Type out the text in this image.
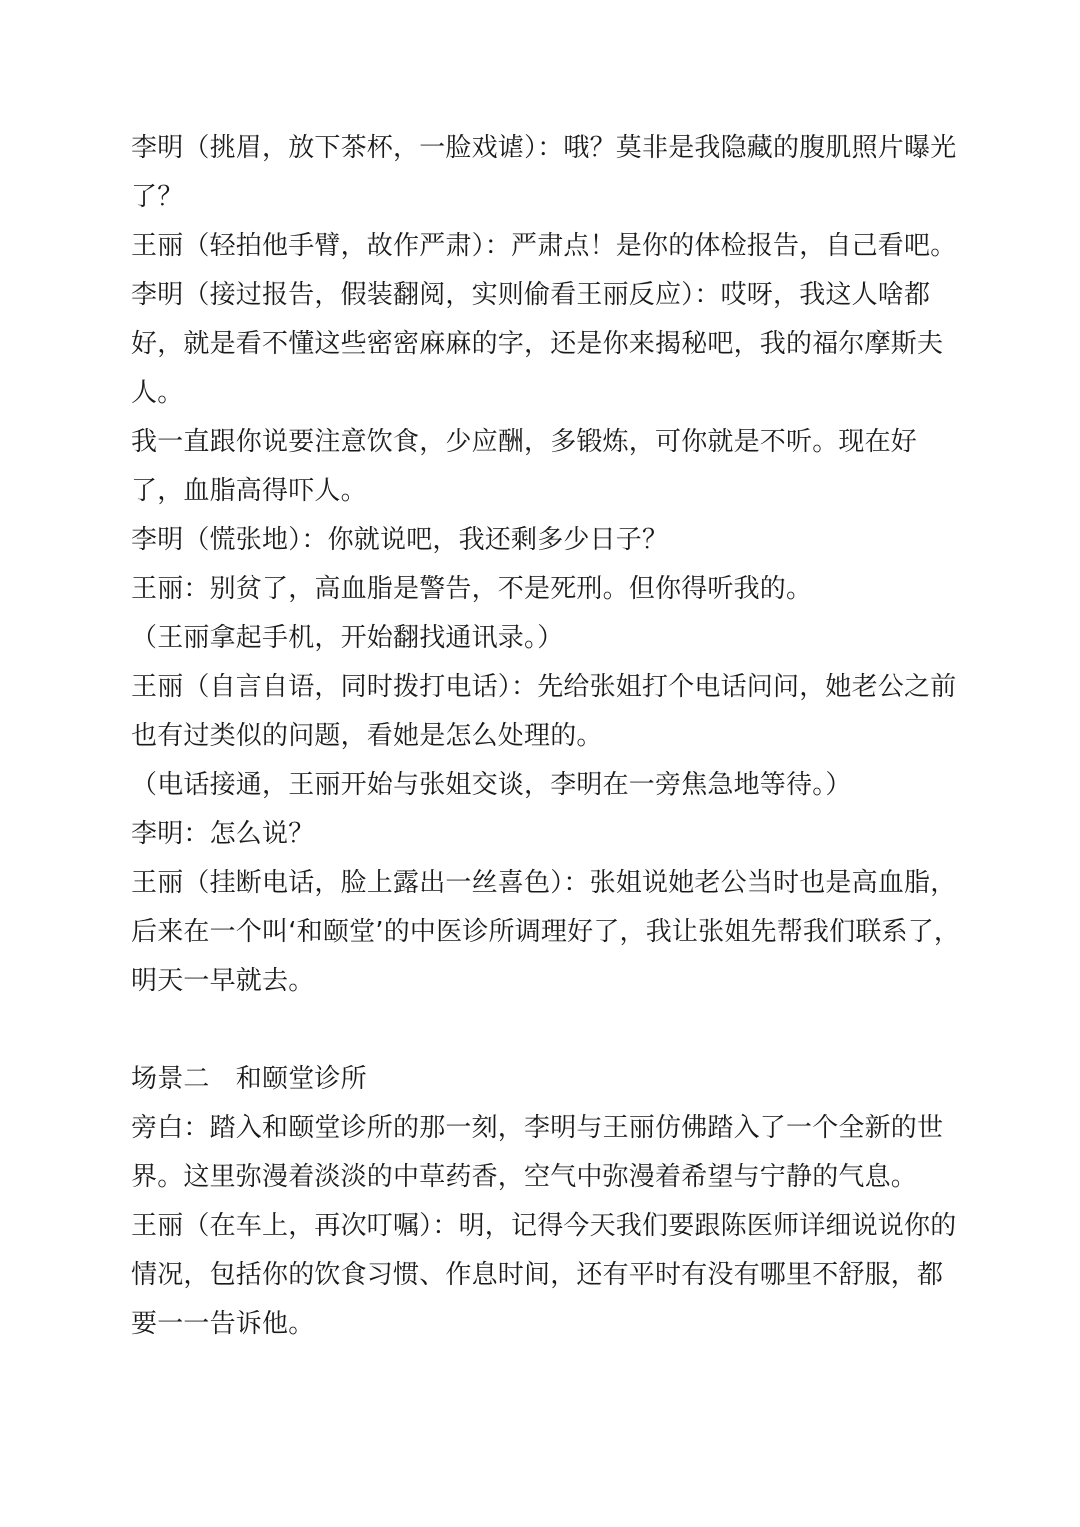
李明（挑眉，放下茶杯，一脸戏谑）：哦？莫非是我隐藏的腹肌照片曝光了？

王丽（轻拍他手臂，故作严肃）：严肃点！是你的体检报告，自己看吧。

李明（接过报告，假装翻阅，实则偷看王丽反应）：哎呀，我这人啥都好，就是看不懂这些密密麻麻的字，还是你来揭秘吧，我的福尔摩斯夫人。

我一直跟你说要注意饮食，少应酬，多锻炼，可你就是不听。现在好了，血脂高得吓人。

李明（慌张地）：你就说吧，我还剩多少日子？

王丽：别贫了，高血脂是警告，不是死刑。但你得听我的。

（王丽拿起手机，开始翻找通讯录。）

王丽（自言自语，同时拨打电话）：先给张姐打个电话问问，她老公之前也有过类似的问题，看她是怎么处理的。

（电话接通，王丽开始与张姐交谈，李明在一旁焦急地等待。）

李明：怎么说？

王丽（挂断电话，脸上露出一丝喜色）：张姐说她老公当时也是高血脂，后来在一个叫‘和颐堂’的中医诊所调理好了，我让张姐先帮我们联系了，明天一早就去。

场景二　和颐堂诊所

旁白：踏入和颐堂诊所的那一刻，李明与王丽仿佛踏入了一个全新的世界。这里弥漫着淡淡的中草药香，空气中弥漫着希望与宁静的气息。

王丽（在车上，再次叮嘱）：明，记得今天我们要跟陈医师详细说说你的情况，包括你的饮食习惯、作息时间，还有平时有没有哪里不舒服，都要一一告诉他。
